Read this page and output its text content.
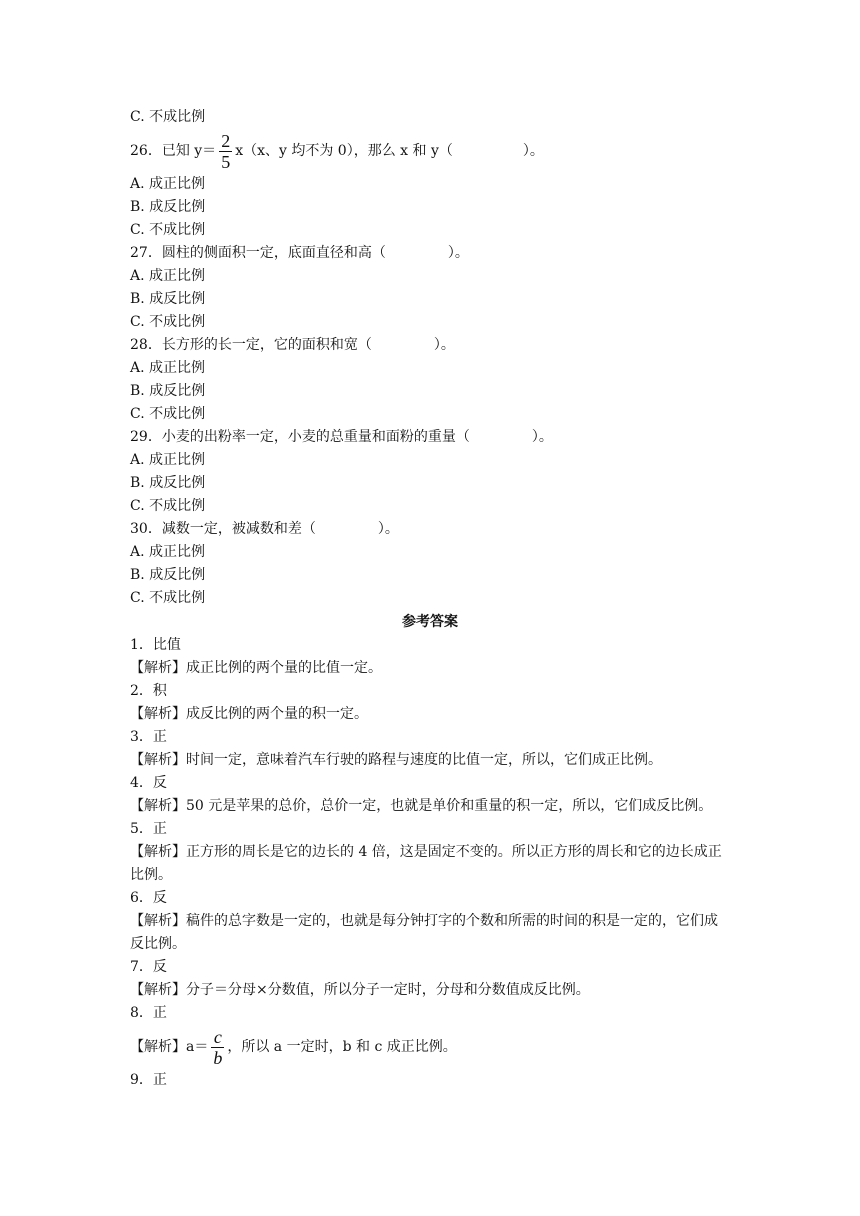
C. 不成比例
26．已知 $y= \frac{2}{5} x(x$、y 均不为 0），那么 x 和 y（	）。
A. 成正比例
B. 成反比例
C. 不成比例
27．圆柱的侧面积一定，底面直径和高（	）。
A. 成正比例
B. 成反比例
C. 不成比例
28．长方形的长一定，它的面积和宽（	）。
A. 成正比例
B. 成反比例
C. 不成比例
29．小麦的出粉率一定，小麦的总重量和面粉的重量（	）。
A. 成正比例
B. 成反比例
C. 不成比例
30．减数一定，被减数和差（	）。
A. 成正比例
B. 成反比例
C. 不成比例
参考答案
1．比值
【解析】成正比例的两个量的比值一定。
2．积
【解析】成反比例的两个量的积一定。
3．正
【解析】时间一定，意味着汽车行驶的路程与速度的比值一定，所以，它们成正比例。
4．反
【解析】50 元是苹果的总价，总价一定，也就是单价和重量的积一定，所以，它们成反比例。
5．正
【解析】正方形的周长是它的边长的 4 倍，这是固定不变的。所以正方形的周长和它的边长成正比例。
6．反
【解析】稿件的总字数是一定的，也就是每分钟打字的个数和所需的时间的积是一定的，它们成反比例。
7．反
【解析】分子＝分母×分数值，所以分子一定时，分母和分数值成反比例。
8．正
【解析】$a= \frac{c}{b}$ ，所以 a 一定时，b 和 c 成正比例。
9．正
